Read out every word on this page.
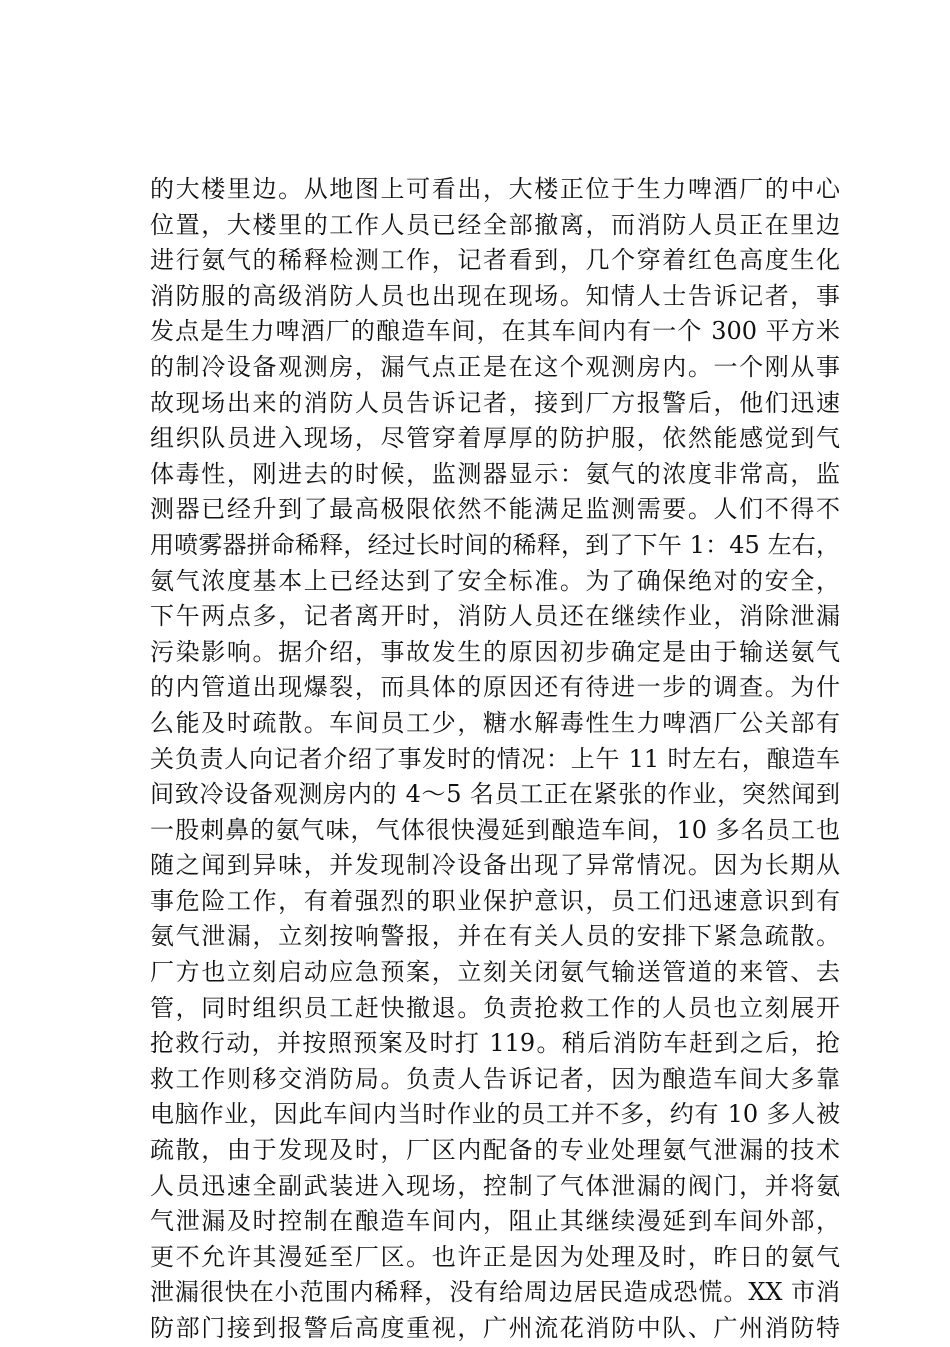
的大楼里边。从地图上可看出，大楼正位于生力啤酒厂的中心
位置，大楼里的工作人员已经全部撤离，而消防人员正在里边
进行氨气的稀释检测工作，记者看到，几个穿着红色高度生化
消防服的高级消防人员也出现在现场。知情人士告诉记者，事
发点是生力啤酒厂的酿造车间，在其车间内有一个 300 平方米
的制冷设备观测房，漏气点正是在这个观测房内。一个刚从事
故现场出来的消防人员告诉记者，接到厂方报警后，他们迅速
组织队员进入现场，尽管穿着厚厚的防护服，依然能感觉到气
体毒性，刚进去的时候，监测器显示：氨气的浓度非常高，监
测器已经升到了最高极限依然不能满足监测需要。人们不得不
用喷雾器拼命稀释，经过长时间的稀释，到了下午 1：45 左右，
氨气浓度基本上已经达到了安全标准。为了确保绝对的安全，
下午两点多，记者离开时，消防人员还在继续作业，消除泄漏
污染影响。据介绍，事故发生的原因初步确定是由于输送氨气
的内管道出现爆裂，而具体的原因还有待进一步的调查。为什
么能及时疏散。车间员工少，糖水解毒性生力啤酒厂公关部有
关负责人向记者介绍了事发时的情况：上午 11 时左右，酿造车
间致冷设备观测房内的 4～5 名员工正在紧张的作业，突然闻到
一股刺鼻的氨气味，气体很快漫延到酿造车间，10 多名员工也
随之闻到异味，并发现制冷设备出现了异常情况。因为长期从
事危险工作，有着强烈的职业保护意识，员工们迅速意识到有
氨气泄漏，立刻按响警报，并在有关人员的安排下紧急疏散。
厂方也立刻启动应急预案，立刻关闭氨气输送管道的来管、去
管，同时组织员工赶快撤退。负责抢救工作的人员也立刻展开
抢救行动，并按照预案及时打 119。稍后消防车赶到之后，抢
救工作则移交消防局。负责人告诉记者，因为酿造车间大多靠
电脑作业，因此车间内当时作业的员工并不多，约有 10 多人被
疏散，由于发现及时，厂区内配备的专业处理氨气泄漏的技术
人员迅速全副武装进入现场，控制了气体泄漏的阀门，并将氨
气泄漏及时控制在酿造车间内，阻止其继续漫延到车间外部，
更不允许其漫延至厂区。也许正是因为处理及时，昨日的氨气
泄漏很快在小范围内稀释，没有给周边居民造成恐慌。XX 市消
防部门接到报警后高度重视，广州流花消防中队、广州消防特
